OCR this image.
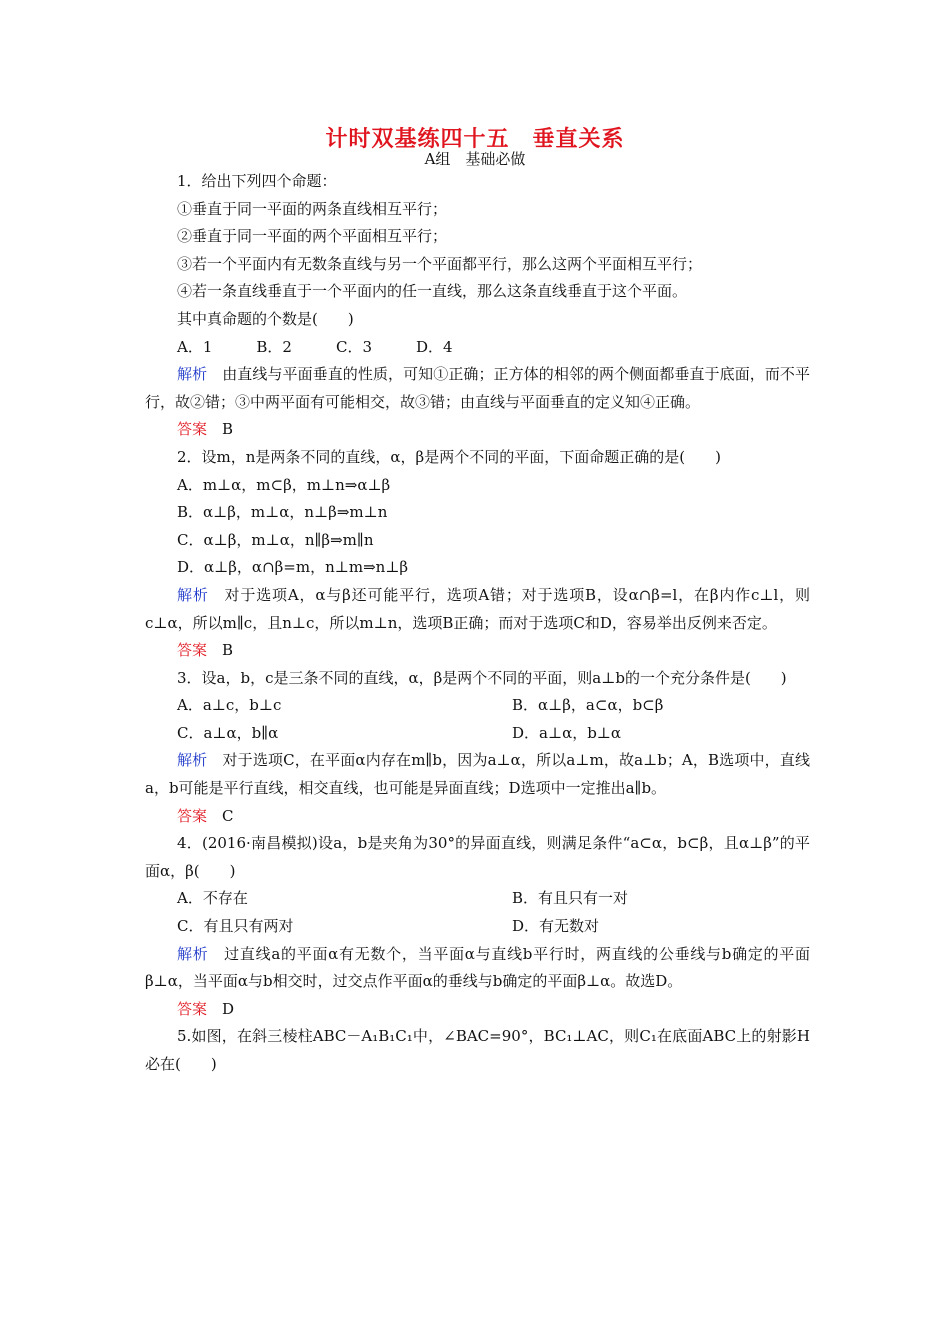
计时双基练四十五　垂直关系
A组　基础必做

1．给出下列四个命题：

①垂直于同一平面的两条直线相互平行；

②垂直于同一平面的两个平面相互平行；

③若一个平面内有无数条直线与另一个平面都平行，那么这两个平面相互平行；

④若一条直线垂直于一个平面内的任一直线，那么这条直线垂直于这个平面。

其中真命题的个数是(　　)

A．1	B．2	C．3	D．4

解析　由直线与平面垂直的性质，可知①正确；正方体的相邻的两个侧面都垂直于底面，而不平行，故②错；③中两平面有可能相交，故③错；由直线与平面垂直的定义知④正确。

答案　B

2．设m，n是两条不同的直线，α，β是两个不同的平面，下面命题正确的是(　　)

A．m⊥α，m⊂β，m⊥n⇒α⊥β

B．α⊥β，m⊥α，n⊥β⇒m⊥n

C．α⊥β，m⊥α，n∥β⇒m∥n

D．α⊥β，α∩β=m，n⊥m⇒n⊥β

解析　对于选项A，α与β还可能平行，选项A错；对于选项B，设α∩β=l，在β内作c⊥l，则c⊥α，所以m∥c，且n⊥c，所以m⊥n，选项B正确；而对于选项C和D，容易举出反例来否定。

答案　B

3．设a，b，c是三条不同的直线，α，β是两个不同的平面，则a⊥b的一个充分条件是(　　)

A．a⊥c，b⊥c	B．α⊥β，a⊂α，b⊂β
C．a⊥α，b∥α	D．a⊥α，b⊥α

解析　对于选项C，在平面α内存在m∥b，因为a⊥α，所以a⊥m，故a⊥b；A，B选项中，直线a，b可能是平行直线，相交直线，也可能是异面直线；D选项中一定推出a∥b。

答案　C

4．(2016·南昌模拟)设a，b是夹角为30°的异面直线，则满足条件“a⊂α，b⊂β，且α⊥β”的平面α，β(　　)

A．不存在	B．有且只有一对
C．有且只有两对	D．有无数对

解析　过直线a的平面α有无数个，当平面α与直线b平行时，两直线的公垂线与b确定的平面β⊥α，当平面α与b相交时，过交点作平面α的垂线与b确定的平面β⊥α。故选D。

答案　D

5.如图，在斜三棱柱ABC－A₁B₁C₁中，∠BAC=90°，BC₁⊥AC，则C₁在底面ABC上的射影H必在(　　)
